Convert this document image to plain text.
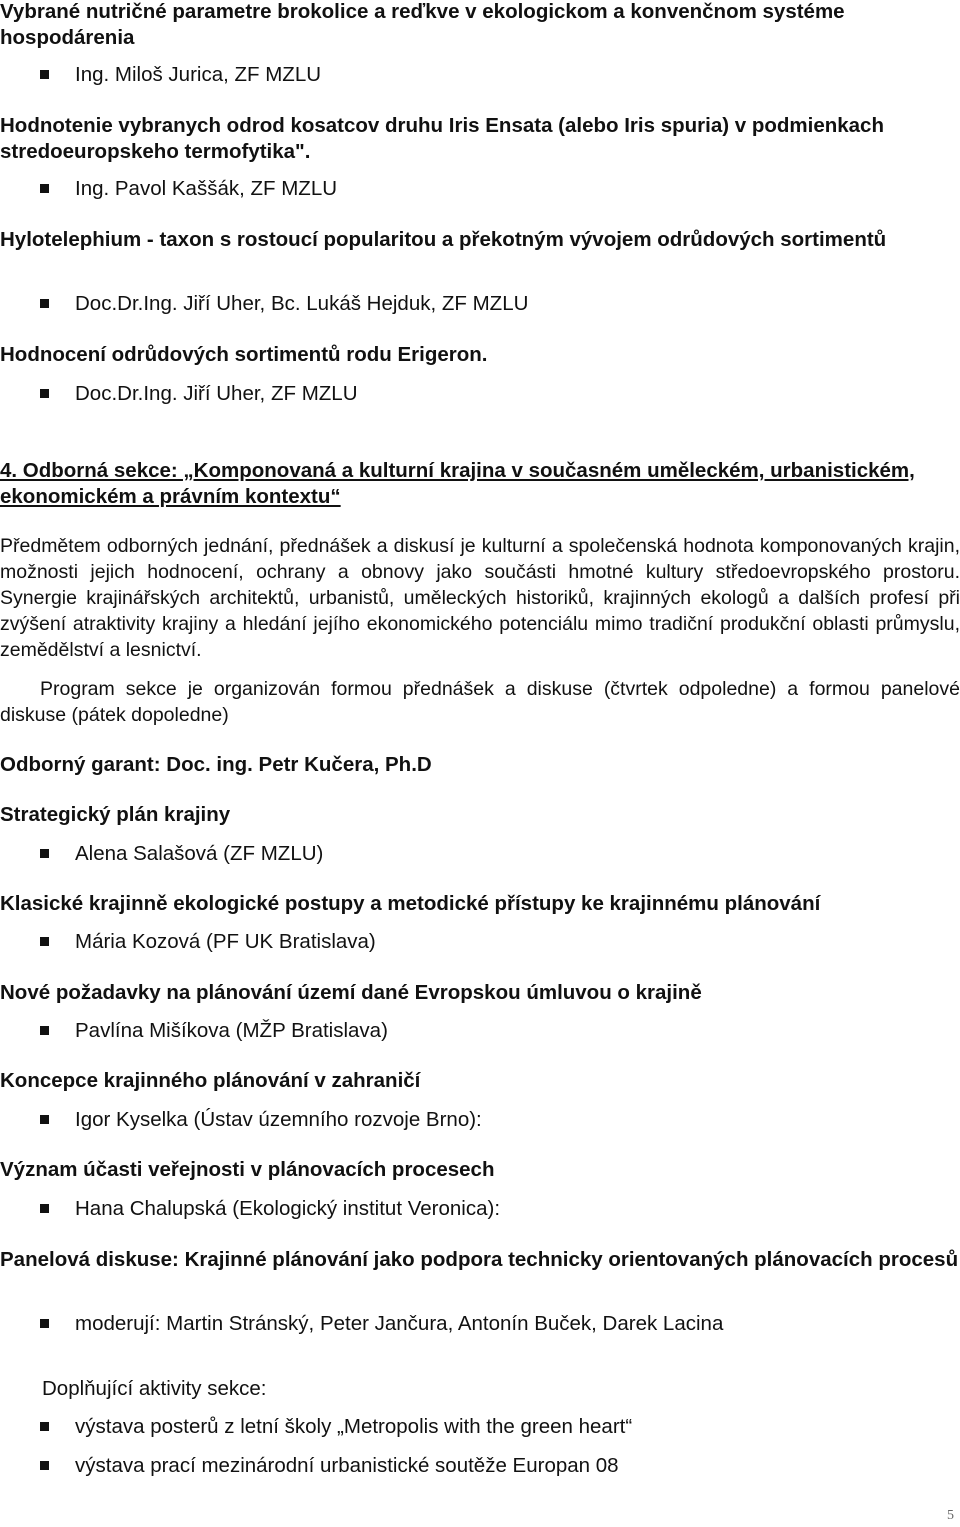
Vybrané nutričné parametre brokolice a reďkve v ekologickom a konvenčnom systéme hospodárenia
Ing. Miloš Jurica, ZF MZLU
Hodnotenie vybranych odrod kosatcov druhu Iris Ensata (alebo Iris spuria) v podmienkach stredoeuropskeho termofytika".
Ing. Pavol Kaššák, ZF MZLU
Hylotelephium - taxon s rostoucí popularitou a překotným vývojem odrůdových sortimentů
Doc.Dr.Ing. Jiří Uher, Bc. Lukáš Hejduk, ZF MZLU
Hodnocení odrůdových sortimentů rodu Erigeron.
Doc.Dr.Ing. Jiří Uher, ZF MZLU
4. Odborná sekce: „Komponovaná a kulturní krajina v současném uměleckém, urbanistickém, ekonomickém a právním kontextu“

Předmětem odborných jednání, přednášek a diskusí je kulturní a společenská hodnota komponovaných krajin, možnosti jejich hodnocení, ochrany a obnovy jako součásti hmotné kultury středoevropského prostoru. Synergie krajinářských architektů, urbanistů, uměleckých historiků, krajinných ekologů a dalších profesí při zvýšení atraktivity krajiny a hledání jejího ekonomického potenciálu mimo tradiční produkční oblasti průmyslu, zemědělství a lesnictví.

Program sekce je organizován formou přednášek a diskuse (čtvrtek odpoledne) a formou panelové diskuse (pátek dopoledne)

Odborný garant: Doc. ing. Petr Kučera, Ph.D
Strategický plán krajiny
Alena Salašová (ZF MZLU)
Klasické krajinně ekologické postupy a metodické přístupy ke krajinnému plánování
Mária Kozová (PF UK Bratislava)
Nové požadavky na plánování území dané Evropskou úmluvou o krajině
Pavlína Mišíkova (MŽP Bratislava)
Koncepce krajinného plánování v zahraničí
Igor Kyselka (Ústav územního rozvoje Brno):
Význam účasti veřejnosti v plánovacích procesech
Hana Chalupská (Ekologický institut Veronica):
Panelová diskuse: Krajinné plánování jako podpora technicky orientovaných plánovacích procesů
moderují: Martin Stránský, Peter Jančura, Antonín Buček, Darek Lacina
Doplňující aktivity sekce:
výstava posterů z letní školy „Metropolis with the green heart“
výstava prací mezinárodní urbanistické soutěže Europan 08
5
